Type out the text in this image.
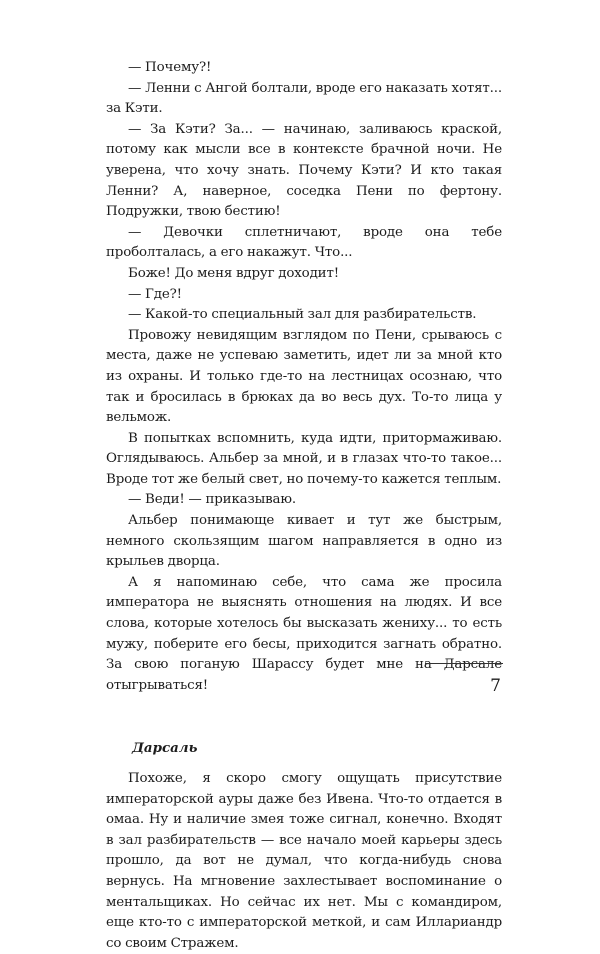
— Почему?!

— Ленни с Ангой болтали, вроде его наказать хотят... за Кэти.

— За Кэти? За... — начинаю, заливаюсь краской, потому как мысли все в контексте брачной ночи. Не уверена, что хочу знать. Почему Кэти? И кто такая Ленни? А, наверное, соседка Пени по фертону. Подружки, твою бестию!

— Девочки сплетничают, вроде она тебе проболталась, а его накажут. Что...

Боже! До меня вдруг доходит!

— Где?!

— Какой-то специальный зал для разбирательств.

Провожу невидящим взглядом по Пени, срываюсь с места, даже не успеваю заметить, идет ли за мной кто из охраны. И только где-то на лестницах осознаю, что так и бросилась в брюках да во весь дух. То-то лица у вельмож.

В попытках вспомнить, куда идти, притормаживаю. Оглядываюсь. Альбер за мной, и в глазах что-то такое... Вроде тот же белый свет, но почему-то кажется теплым.

— Веди! — приказываю.

Альбер понимающе кивает и тут же быстрым, немного скользящим шагом направляется в одно из крыльев дворца.

А я напоминаю себе, что сама же просила императора не выяснять отношения на людях. И все слова, которые хотелось бы высказать жениху... то есть мужу, поберите его бесы, приходится загнать обратно. За свою поганую Шарассу будет мне на Дарсале отыгрываться!

Дарсаль

Похоже, я скоро смогу ощущать присутствие императорской ауры даже без Ивена. Что-то отдается в омаа. Ну и наличие змея тоже сигнал, конечно. Входят в зал разбирательств — все начало моей карьеры здесь прошло, да вот не думал, что когда-нибудь снова вернусь. На мгновение захлестывает воспоминание о ментальщиках. Но сейчас их нет. Мы с командиром, еще кто-то с императорской меткой, и сам Иллариандр со своим Стражем.

7
